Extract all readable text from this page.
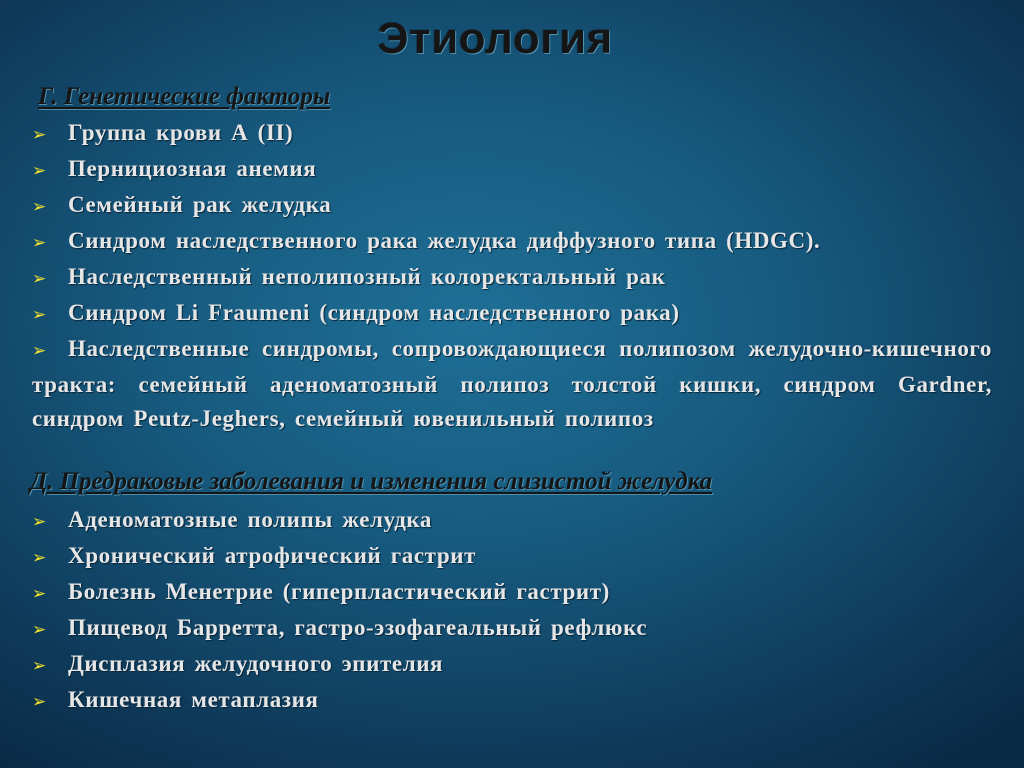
Этиология
Г. Генетические факторы
➢ Группа крови А (II)
➢ Пернициозная анемия
➢ Семейный рак желудка
➢ Синдром наследственного рака желудка диффузного типа (HDGC).
➢ Наследственный неполипозный колоректальный рак
➢ Синдром Li Fraumeni (синдром наследственного рака)
➢ Наследственные синдромы, сопровождающиеся полипозом желудочно-кишечного тракта: семейный аденоматозный полипоз толстой кишки, синдром Gardner, синдром Peutz-Jeghers, семейный ювенильный полипоз
Д. Предраковые заболевания и изменения слизистой желудка
➢ Аденоматозные полипы желудка
➢ Хронический атрофический гастрит
➢ Болезнь Менетрие (гиперпластический гастрит)
➢ Пищевод Барретта, гастро-эзофагеальный рефлюкс
➢ Дисплазия желудочного эпителия
➢ Кишечная метаплазия
